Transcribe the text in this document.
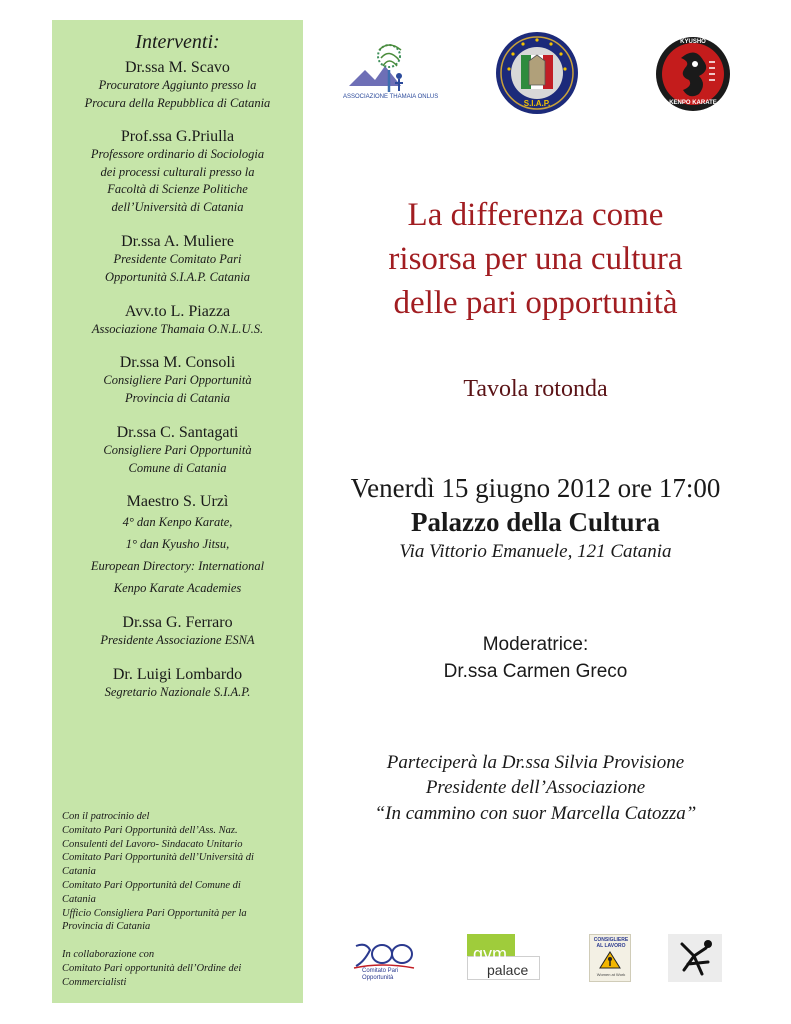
Interventi:
Dr.ssa M. Scavo
Procuratore Aggiunto presso la
Procura della Repubblica di Catania
Prof.ssa G.Priulla
Professore ordinario di Sociologia
dei processi culturali presso la
Facoltà di Scienze Politiche
dell’Università di Catania
Dr.ssa A. Muliere
Presidente Comitato Pari
Opportunità S.I.A.P. Catania
Avv.to L. Piazza
Associazione Thamaia O.N.L.U.S.
Dr.ssa M. Consoli
Consigliere Pari Opportunità
Provincia di Catania
Dr.ssa C. Santagati
Consigliere Pari Opportunità
Comune di Catania
Maestro S. Urzì
4° dan Kenpo Karate,
1° dan Kyusho Jitsu,
European Directory: International
Kenpo Karate Academies
Dr.ssa G. Ferraro
Presidente Associazione ESNA
Dr. Luigi Lombardo
Segretario Nazionale S.I.A.P.
Con il patrocinio del
Comitato Pari Opportunità dell’Ass. Naz.
Consulenti del Lavoro- Sindacato Unitario
Comitato Pari Opportunità dell’Università di
Catania
Comitato Pari Opportunità del Comune di
Catania
Ufficio Consigliera Pari Opportunità per la
Provincia di Catania
In collaborazione con
Comitato Pari opportunità dell’Ordine dei
Commercialisti
ASSOCIAZIONE THAMAIA ONLUS
S.I.A.P.
KYUSHO
KENPO KARATE
La differenza come
risorsa per una cultura
delle pari opportunità
Tavola rotonda
Venerdì 15 giugno 2012 ore 17:00
Palazzo della Cultura
Via Vittorio Emanuele, 121 Catania
Moderatrice:
Dr.ssa Carmen Greco
Parteciperà la Dr.ssa Silvia Provisione
Presidente dell’Associazione
“In cammino con suor Marcella Catozza”
Comitato Pari Opportunità
gym
palace
CONSIGLIERE AL LAVORO
Women at Work
